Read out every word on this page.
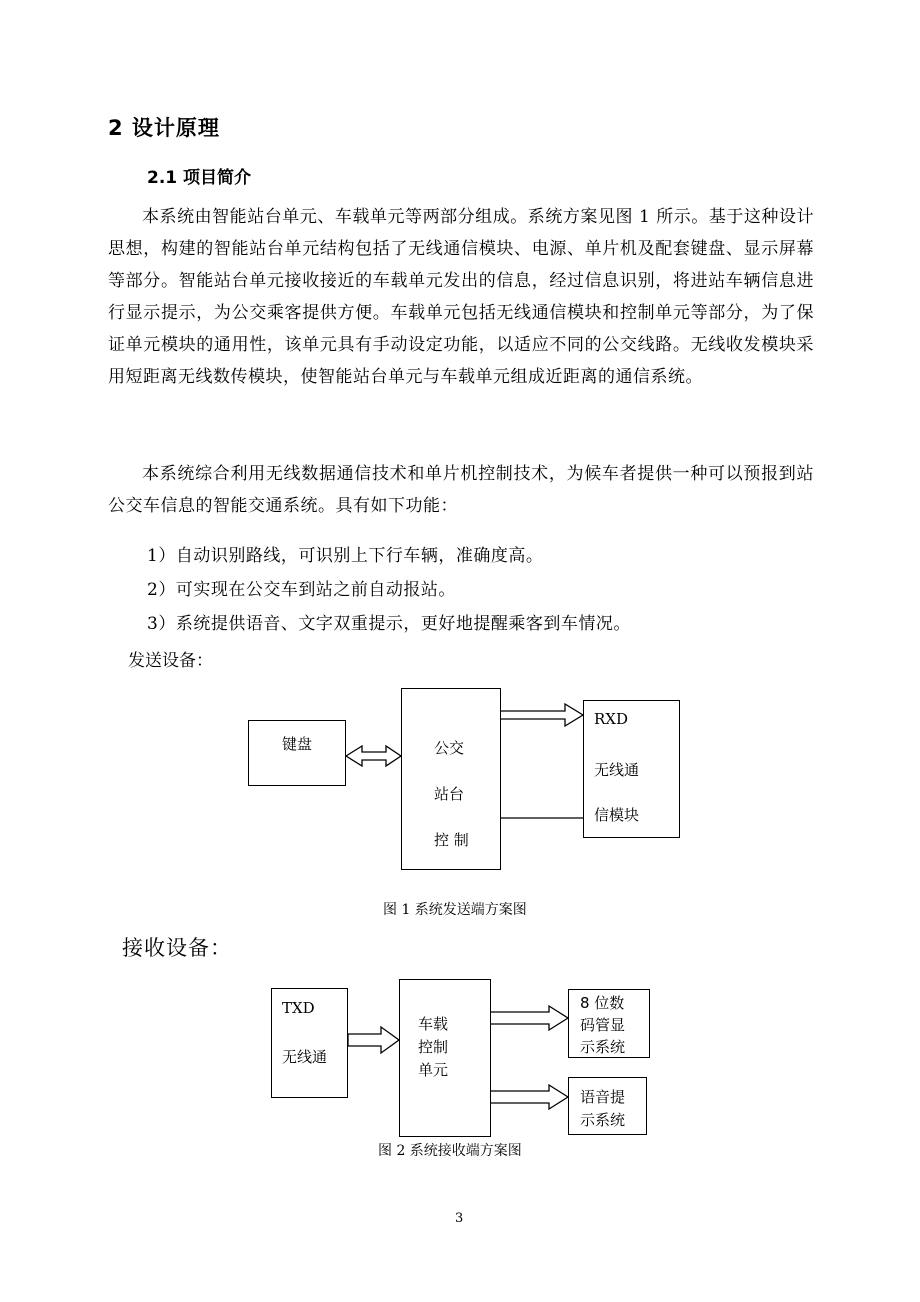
2 设计原理
2.1 项目简介

本系统由智能站台单元、车载单元等两部分组成。系统方案见图 1 所示。基于这种设计思想，构建的智能站台单元结构包括了无线通信模块、电源、单片机及配套键盘、显示屏幕等部分。智能站台单元接收接近的车载单元发出的信息，经过信息识别，将进站车辆信息进行显示提示，为公交乘客提供方便。车载单元包括无线通信模块和控制单元等部分，为了保证单元模块的通用性，该单元具有手动设定功能，以适应不同的公交线路。无线收发模块采用短距离无线数传模块，使智能站台单元与车载单元组成近距离的通信系统。

本系统综合利用无线数据通信技术和单片机控制技术，为候车者提供一种可以预报到站公交车信息的智能交通系统。具有如下功能：

1）自动识别路线，可识别上下行车辆，准确度高。
2）可实现在公交车到站之前自动报站。
3）系统提供语音、文字双重提示，更好地提醒乘客到车情况。
发送设备：
键盘	公交
站台
控 制
RXD
无线通
信模块
图 1 系统发送端方案图
接收设备：
TXD
无线通
车载
控制
单元
8 位数
码管显
示系统
语音提
示系统
图 2 系统接收端方案图
3
